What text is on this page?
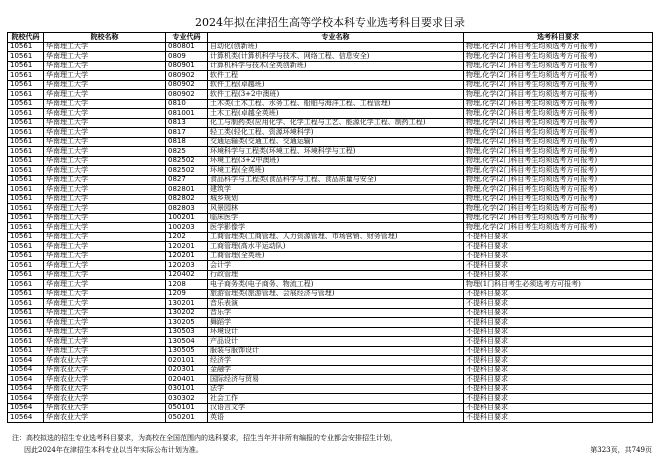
2024年拟在津招生高等学校本科专业选考科目要求目录
院校代码	院校名称	专业代码	专业名称	选考科目要求
10561	华南理工大学	080801	自动化(创新班)	物理,化学(2门科目考生均须选考方可报考)
10561	华南理工大学	0809	计算机类(计算机科学与技术、网络工程、信息安全)	物理,化学(2门科目考生均须选考方可报考)
10561	华南理工大学	080901	计算机科学与技术(全英创新班)	物理,化学(2门科目考生均须选考方可报考)
10561	华南理工大学	080902	软件工程	物理,化学(2门科目考生均须选考方可报考)
10561	华南理工大学	080902	软件工程(卓越班)	物理,化学(2门科目考生均须选考方可报考)
10561	华南理工大学	080902	软件工程(3+2中澳班)	物理,化学(2门科目考生均须选考方可报考)
10561	华南理工大学	0810	土木类(土木工程、水务工程、船舶与海洋工程、工程管理)	物理,化学(2门科目考生均须选考方可报考)
10561	华南理工大学	081001	土木工程(卓越全英班)	物理,化学(2门科目考生均须选考方可报考)
10561	华南理工大学	0813	化工与制药类(应用化学、化学工程与工艺、能源化学工程、制药工程)	物理,化学(2门科目考生均须选考方可报考)
10561	华南理工大学	0817	轻工类(轻化工程、资源环境科学)	物理,化学(2门科目考生均须选考方可报考)
10561	华南理工大学	0818	交通运输类(交通工程、交通运输)	物理,化学(2门科目考生均须选考方可报考)
10561	华南理工大学	0825	环境科学与工程类(环境工程、环境科学与工程)	物理,化学(2门科目考生均须选考方可报考)
10561	华南理工大学	082502	环境工程(3+2中澳班)	物理,化学(2门科目考生均须选考方可报考)
10561	华南理工大学	082502	环境工程(全英班)	物理,化学(2门科目考生均须选考方可报考)
10561	华南理工大学	0827	食品科学与工程类(食品科学与工程、食品质量与安全)	物理,化学(2门科目考生均须选考方可报考)
10561	华南理工大学	082801	建筑学	物理,化学(2门科目考生均须选考方可报考)
10561	华南理工大学	082802	城乡规划	物理,化学(2门科目考生均须选考方可报考)
10561	华南理工大学	082803	风景园林	物理,化学(2门科目考生均须选考方可报考)
10561	华南理工大学	100201	临床医学	物理,化学(2门科目考生均须选考方可报考)
10561	华南理工大学	100203	医学影像学	物理,化学(2门科目考生均须选考方可报考)
10561	华南理工大学	1202	工商管理类(工商管理、人力资源管理、市场营销、财务管理)	不提科目要求
10561	华南理工大学	120201	工商管理(高水平运动队)	不提科目要求
10561	华南理工大学	120201	工商管理(全英班)	不提科目要求
10561	华南理工大学	120203	会计学	不提科目要求
10561	华南理工大学	120402	行政管理	不提科目要求
10561	华南理工大学	1208	电子商务类(电子商务、物流工程)	物理(1门科目考生必须选考方可报考)
10561	华南理工大学	1209	旅游管理类(旅游管理、会展经济与管理)	不提科目要求
10561	华南理工大学	130201	音乐表演	不提科目要求
10561	华南理工大学	130202	音乐学	不提科目要求
10561	华南理工大学	130205	舞蹈学	不提科目要求
10561	华南理工大学	130503	环境设计	不提科目要求
10561	华南理工大学	130504	产品设计	不提科目要求
10561	华南理工大学	130505	服装与服饰设计	不提科目要求
10564	华南农业大学	020101	经济学	不提科目要求
10564	华南农业大学	020301	金融学	不提科目要求
10564	华南农业大学	020401	国际经济与贸易	不提科目要求
10564	华南农业大学	030101	法学	不提科目要求
10564	华南农业大学	030302	社会工作	不提科目要求
10564	华南农业大学	050101	汉语言文学	不提科目要求
10564	华南农业大学	050201	英语	不提科目要求
注：高校拟选的招生专业选考科目要求，为高校在全国范围内的选科要求，招生当年并非所有编报的专业都会安排招生计划，
因此2024年在津招生本科专业以当年实际公布计划为准。	第323页，共749页
